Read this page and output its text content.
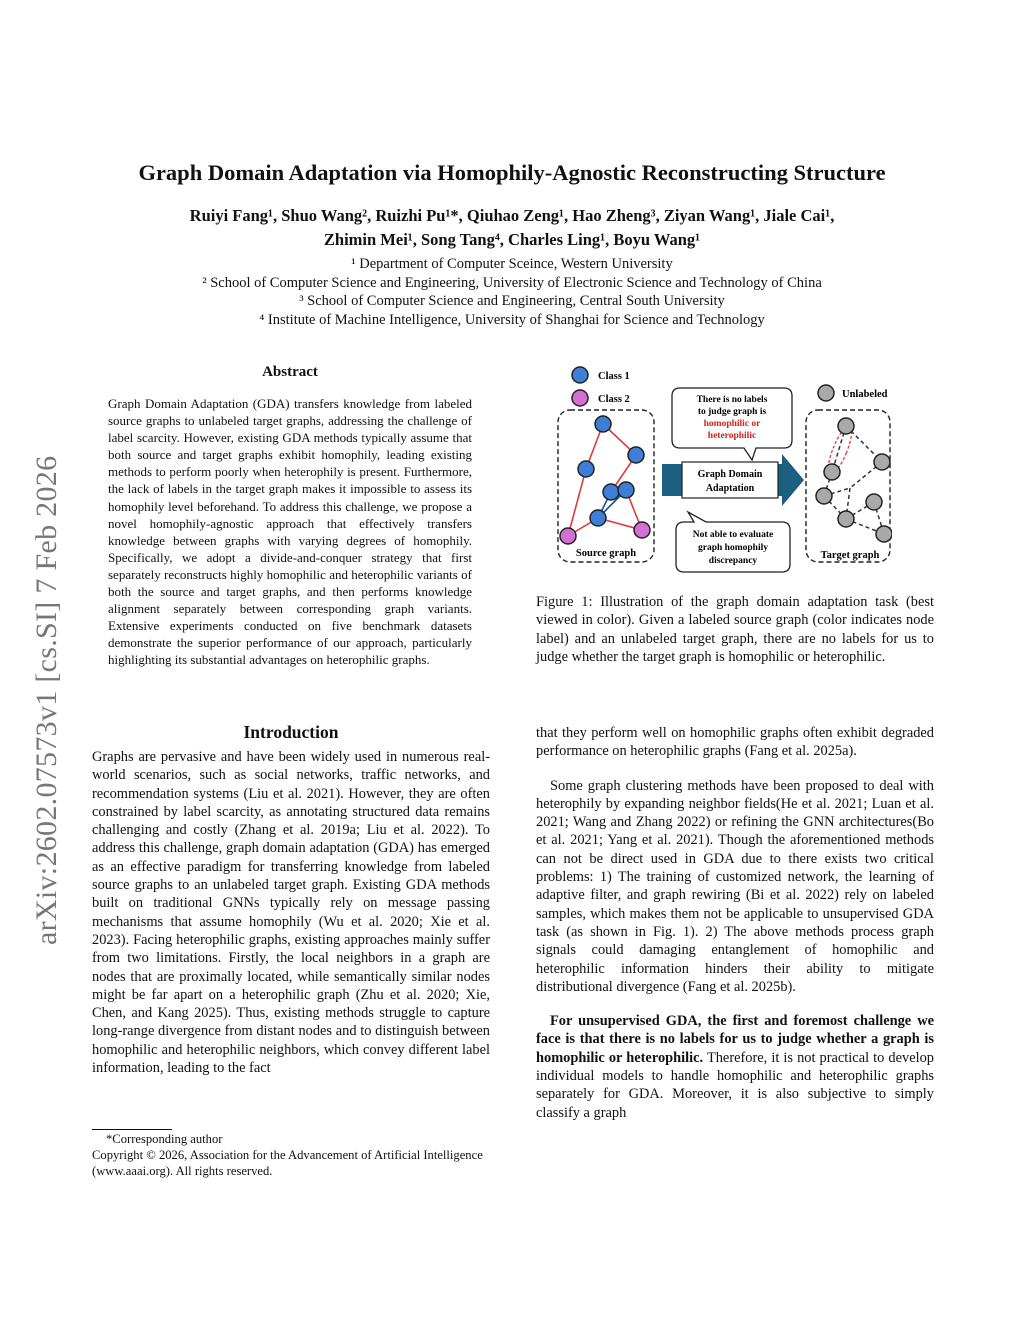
arXiv:2602.07573v1 [cs.SI] 7 Feb 2026
Graph Domain Adaptation via Homophily-Agnostic Reconstructing Structure
Ruiyi Fang¹, Shuo Wang², Ruizhi Pu¹*, Qiuhao Zeng¹, Hao Zheng³, Ziyan Wang¹, Jiale Cai¹,
Zhimin Mei¹, Song Tang⁴, Charles Ling¹, Boyu Wang¹
¹ Department of Computer Sceince, Western University
² School of Computer Science and Engineering, University of Electronic Science and Technology of China
³ School of Computer Science and Engineering, Central South University
⁴ Institute of Machine Intelligence, University of Shanghai for Science and Technology
Abstract
Graph Domain Adaptation (GDA) transfers knowledge from labeled source graphs to unlabeled target graphs, addressing the challenge of label scarcity. However, existing GDA methods typically assume that both source and target graphs exhibit homophily, leading existing methods to perform poorly when heterophily is present. Furthermore, the lack of labels in the target graph makes it impossible to assess its homophily level beforehand. To address this challenge, we propose a novel homophily-agnostic approach that effectively transfers knowledge between graphs with varying degrees of homophily. Specifically, we adopt a divide-and-conquer strategy that first separately reconstructs highly homophilic and heterophilic variants of both the source and target graphs, and then performs knowledge alignment separately between corresponding graph variants. Extensive experiments conducted on five benchmark datasets demonstrate the superior performance of our approach, particularly highlighting its substantial advantages on heterophilic graphs.
Introduction
Graphs are pervasive and have been widely used in numerous real-world scenarios, such as social networks, traffic networks, and recommendation systems (Liu et al. 2021). However, they are often constrained by label scarcity, as annotating structured data remains challenging and costly (Zhang et al. 2019a; Liu et al. 2022). To address this challenge, graph domain adaptation (GDA) has emerged as an effective paradigm for transferring knowledge from labeled source graphs to an unlabeled target graph. Existing GDA methods built on traditional GNNs typically rely on message passing mechanisms that assume homophily (Wu et al. 2020; Xie et al. 2023). Facing heterophilic graphs, existing approaches mainly suffer from two limitations. Firstly, the local neighbors in a graph are nodes that are proximally located, while semantically similar nodes might be far apart on a heterophilic graph (Zhu et al. 2020; Xie, Chen, and Kang 2025). Thus, existing methods struggle to capture long-range divergence from distant nodes and to distinguish between homophilic and heterophilic neighbors, which convey different label information, leading to the fact
*Corresponding author
Copyright © 2026, Association for the Advancement of Artificial Intelligence (www.aaai.org). All rights reserved.
Class 1
Class 2	Unlabeled
Source graph
There is no labels
to judge graph is
homophilic or
heterophilic
Graph Domain
Adaptation
Not able to evaluate
graph homophily
discrepancy	Target graph
Figure 1: Illustration of the graph domain adaptation task (best viewed in color). Given a labeled source graph (color indicates node label) and an unlabeled target graph, there are no labels for us to judge whether the target graph is homophilic or heterophilic.

that they perform well on homophilic graphs often exhibit degraded performance on heterophilic graphs (Fang et al. 2025a).

Some graph clustering methods have been proposed to deal with heterophily by expanding neighbor fields(He et al. 2021; Luan et al. 2021; Wang and Zhang 2022) or refining the GNN architectures(Bo et al. 2021; Yang et al. 2021). Though the aforementioned methods can not be direct used in GDA due to there exists two critical problems: 1) The training of customized network, the learning of adaptive filter, and graph rewiring (Bi et al. 2022) rely on labeled samples, which makes them not be applicable to unsupervised GDA task (as shown in Fig. 1). 2) The above methods process graph signals could damaging entanglement of homophilic and heterophilic information hinders their ability to mitigate distributional divergence (Fang et al. 2025b).

For unsupervised GDA, the first and foremost challenge we face is that there is no labels for us to judge whether a graph is homophilic or heterophilic. Therefore, it is not practical to develop individual models to handle homophilic and heterophilic graphs separately for GDA. Moreover, it is also subjective to simply classify a graph
